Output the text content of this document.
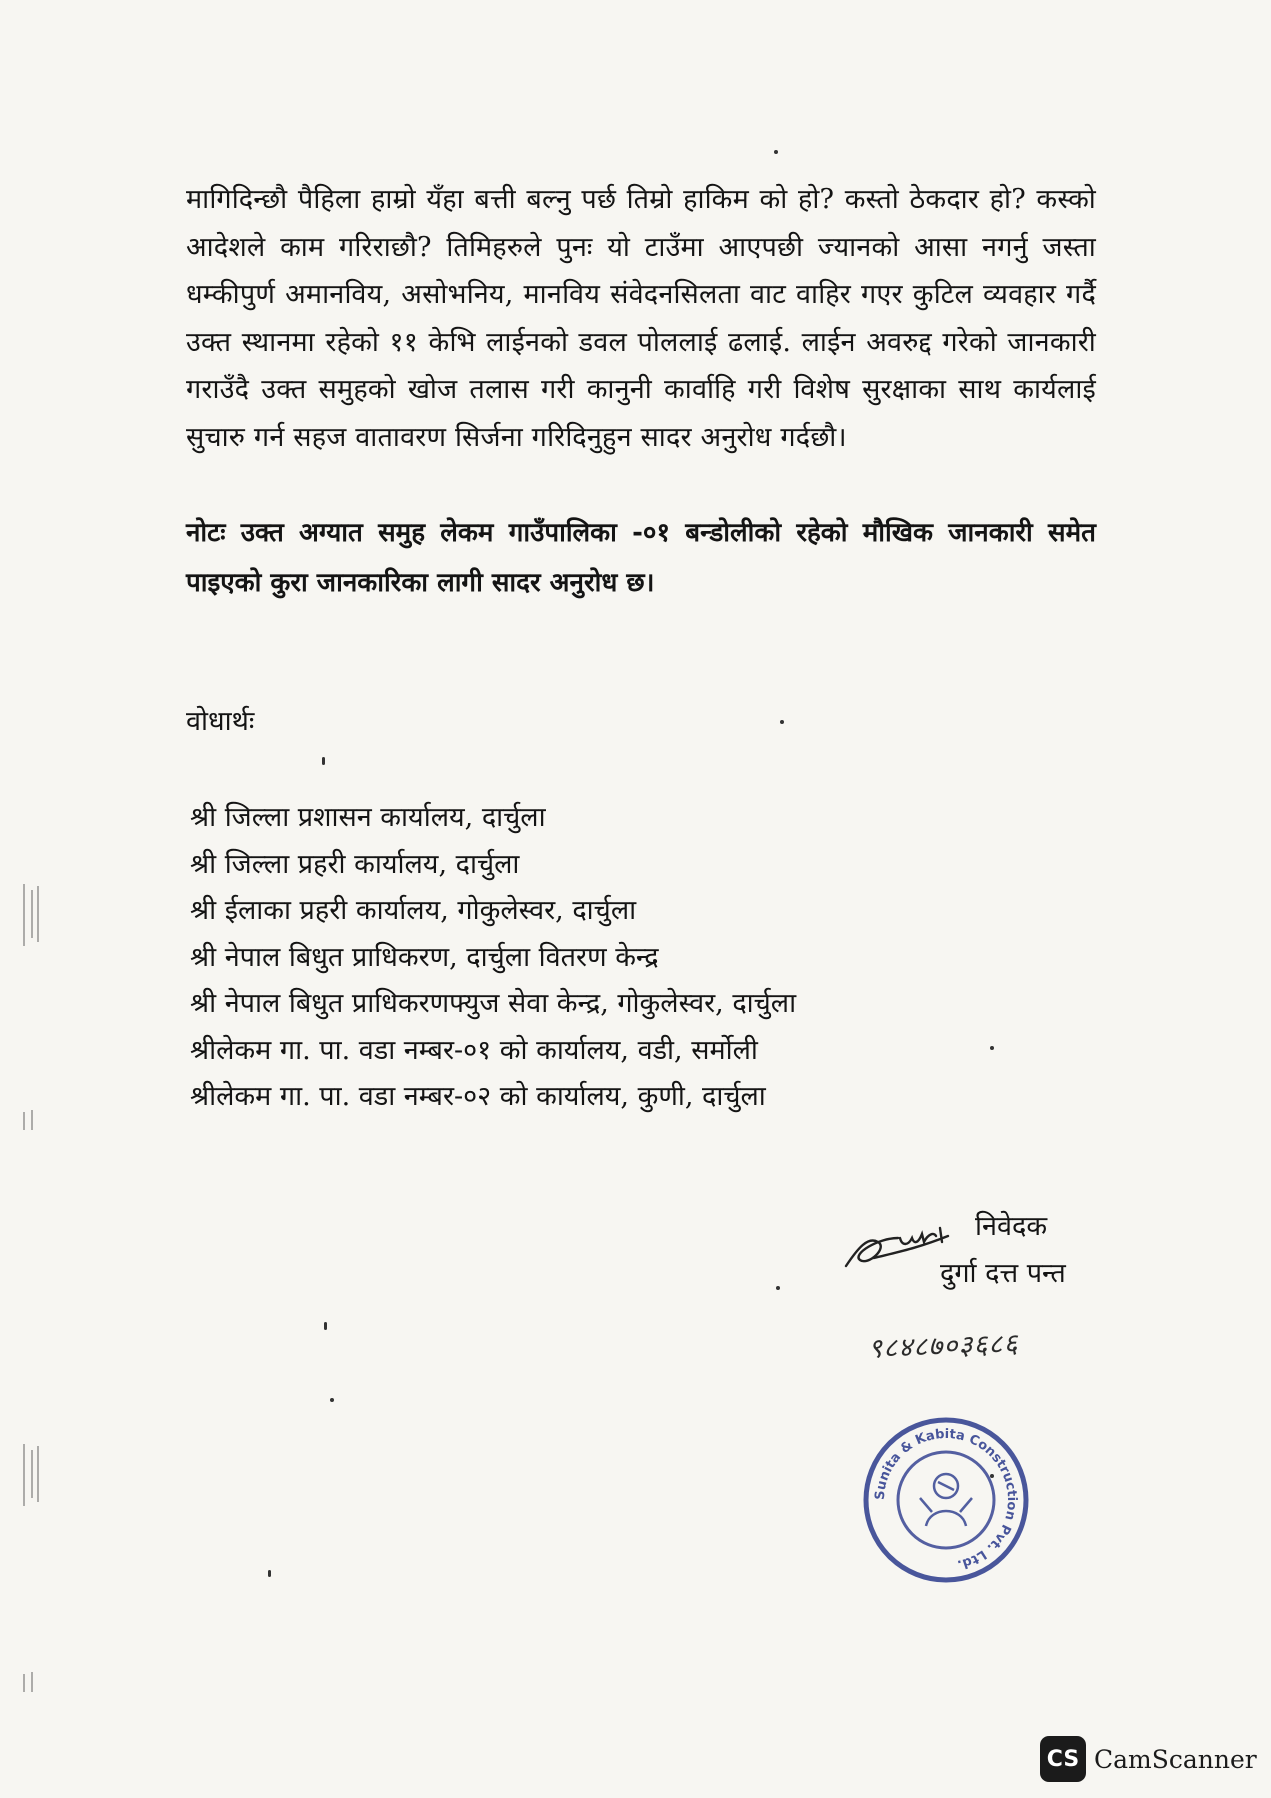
मागिदिन्छौ पैहिला हाम्रो यँहा बत्ती बल्नु पर्छ तिम्रो हाकिम को हो? कस्तो ठेकदार हो? कस्को आदेशले काम गरिराछौ? तिमिहरुले पुनः यो टाउँमा आएपछी ज्यानको आसा नगर्नु जस्ता धम्कीपुर्ण अमानविय, असोभनिय, मानविय संवेदनसिलता वाट वाहिर गएर कुटिल व्यवहार गर्दै उक्त स्थानमा रहेको ११ केभि लाईनको डवल पोललाई ढलाई. लाईन अवरुद्द गरेको जानकारी गराउँदै उक्त समुहको खोज तलास गरी कानुनी कार्वाहि गरी विशेष सुरक्षाका साथ कार्यलाई सुचारु गर्न सहज वातावरण सिर्जना गरिदिनुहुन सादर अनुरोध गर्दछौ।

नोटः उक्त अग्यात समुह लेकम गाउँपालिका -०१ बन्डोलीको रहेको मौखिक जानकारी समेत पाइएको कुरा जानकारिका लागी सादर अनुरोध छ।

वोधार्थः
श्री जिल्ला प्रशासन कार्यालय, दार्चुला
श्री जिल्ला प्रहरी कार्यालय, दार्चुला
श्री ईलाका प्रहरी कार्यालय, गोकुलेस्वर, दार्चुला
श्री नेपाल बिधुत प्राधिकरण, दार्चुला वितरण केन्द्र
श्री नेपाल बिधुत प्राधिकरणफ्युज सेवा केन्द्र, गोकुलेस्वर, दार्चुला
श्रीलेकम गा. पा. वडा नम्बर-०१ को कार्यालय, वडी, सर्मोली
श्रीलेकम गा. पा. वडा नम्बर-०२ को कार्यालय, कुणी, दार्चुला
निवेदक
दुर्गा दत्त पन्त
९८४८७०३६८६
Sunita & Kabita Construction Pvt. Ltd.
CS CamScanner
